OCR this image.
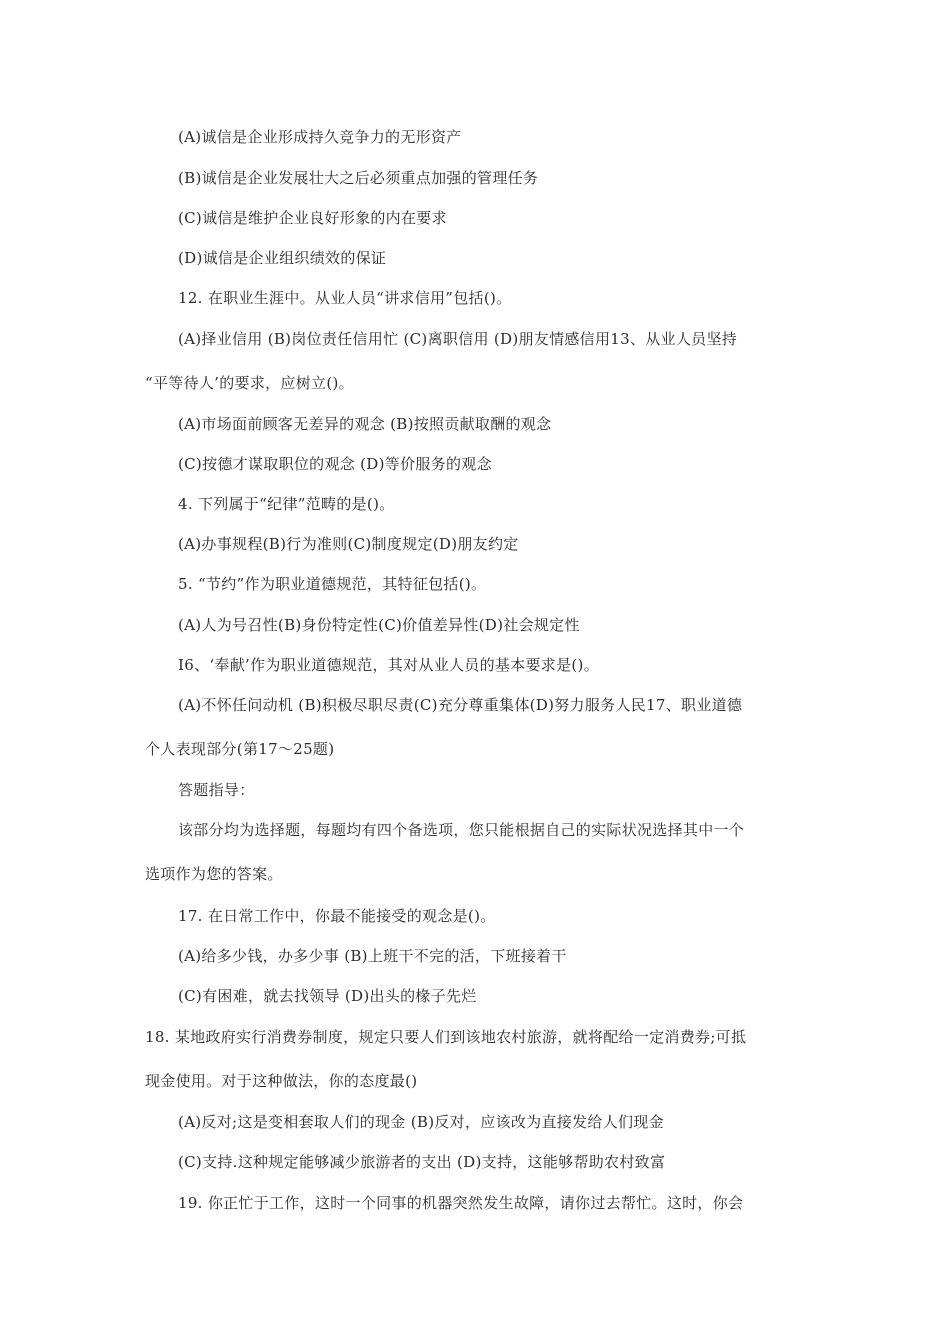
(A)诚信是企业形成持久竞争力的无形资产
(B)诚信是企业发展壮大之后必须重点加强的管理任务
(C)诚信是维护企业良好形象的内在要求
(D)诚信是企业组织绩效的保证
12. 在职业生涯中。从业人员“讲求信用”包括()。
(A)择业信用 (B)岗位责任信用忙 (C)离职信用 (D)朋友情感信用13、从业人员坚持
“平等待人’的要求，应树立()。
(A)市场面前顾客无差异的观念 (B)按照贡献取酬的观念
(C)按德才谋取职位的观念 (D)等价服务的观念
4. 下列属于“纪律”范畴的是()。
(A)办事规程(B)行为准则(C)制度规定(D)朋友约定
5. “节约”作为职业道德规范，其特征包括()。
(A)人为号召性(B)身份特定性(C)价值差异性(D)社会规定性
I6、‘奉献’作为职业道德规范，其对从业人员的基本要求是()。
(A)不怀任问动机 (B)积极尽职尽责(C)充分尊重集体(D)努力服务人民17、职业道德
个人表现部分(第17～25题)
答题指导：
该部分均为选择题，每题均有四个备选项，您只能根据自己的实际状况选择其中一个
选项作为您的答案。
17. 在日常工作中，你最不能接受的观念是()。
(A)给多少钱，办多少事 (B)上班干不完的活，下班接着干
(C)有困难，就去找领导 (D)出头的椽子先烂
18. 某地政府实行消费券制度，规定只要人们到该地农村旅游，就将配给一定消费券;可抵
现金使用。对于这种做法，你的态度最()
(A)反对;这是变相套取人们的现金 (B)反对，应该改为直接发给人们现金
(C)支持.这种规定能够减少旅游者的支出 (D)支持，这能够帮助农村致富
19. 你正忙于工作，这时一个同事的机器突然发生故障，请你过去帮忙。这时，你会
